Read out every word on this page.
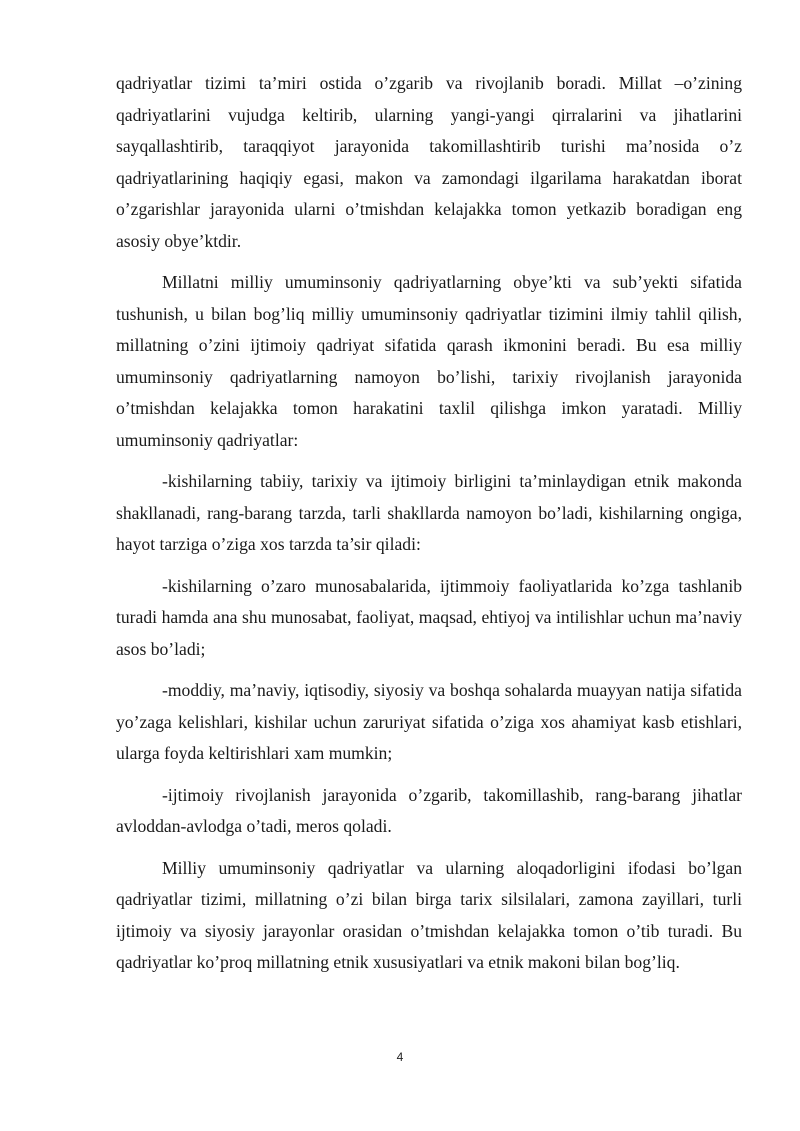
qadriyatlar tizimi ta’miri ostida o’zgarib va rivojlanib boradi. Millat –o’zining qadriyatlarini vujudga keltirib, ularning yangi-yangi qirralarini va jihatlarini sayqallashtirib, taraqqiyot jarayonida takomillashtirib turishi ma’nosida o’z qadriyatlarining haqiqiy egasi, makon va zamondagi ilgarilama harakatdan iborat o’zgarishlar jarayonida ularni o’tmishdan kelajakka tomon yetkazib boradigan eng asosiy obye’ktdir.

Millatni milliy umuminsoniy qadriyatlarning obye’kti va sub’yekti sifatida tushunish, u bilan bog’liq milliy umuminsoniy qadriyatlar tizimini ilmiy tahlil qilish, millatning o’zini ijtimoiy qadriyat sifatida qarash ikmonini beradi. Bu esa milliy umuminsoniy qadriyatlarning namoyon bo’lishi, tarixiy rivojlanish jarayonida o’tmishdan kelajakka tomon harakatini taxlil qilishga imkon yaratadi. Milliy umuminsoniy qadriyatlar:

-kishilarning tabiiy, tarixiy va ijtimoiy birligini ta’minlaydigan etnik makonda shakllanadi, rang-barang tarzda, tarli shakllarda namoyon bo’ladi, kishilarning ongiga, hayot tarziga o’ziga xos tarzda ta’sir qiladi:

-kishilarning o’zaro munosabalarida, ijtimmoiy faoliyatlarida ko’zga tashlanib turadi hamda ana shu munosabat, faoliyat, maqsad, ehtiyoj va intilishlar uchun ma’naviy asos bo’ladi;

-moddiy, ma’naviy, iqtisodiy, siyosiy va boshqa sohalarda muayyan natija sifatida yo’zaga kelishlari, kishilar uchun zaruriyat sifatida o’ziga xos ahamiyat kasb etishlari, ularga foyda keltirishlari xam mumkin;

-ijtimoiy rivojlanish jarayonida o’zgarib, takomillashib, rang-barang jihatlar avloddan-avlodga o’tadi, meros qoladi.

Milliy umuminsoniy qadriyatlar va ularning aloqadorligini ifodasi bo’lgan qadriyatlar tizimi, millatning o’zi bilan birga tarix silsilalari, zamona zayillari, turli ijtimoiy va siyosiy jarayonlar orasidan o’tmishdan kelajakka tomon o’tib turadi. Bu qadriyatlar ko’proq millatning etnik xususiyatlari va etnik makoni bilan bog’liq.

4
